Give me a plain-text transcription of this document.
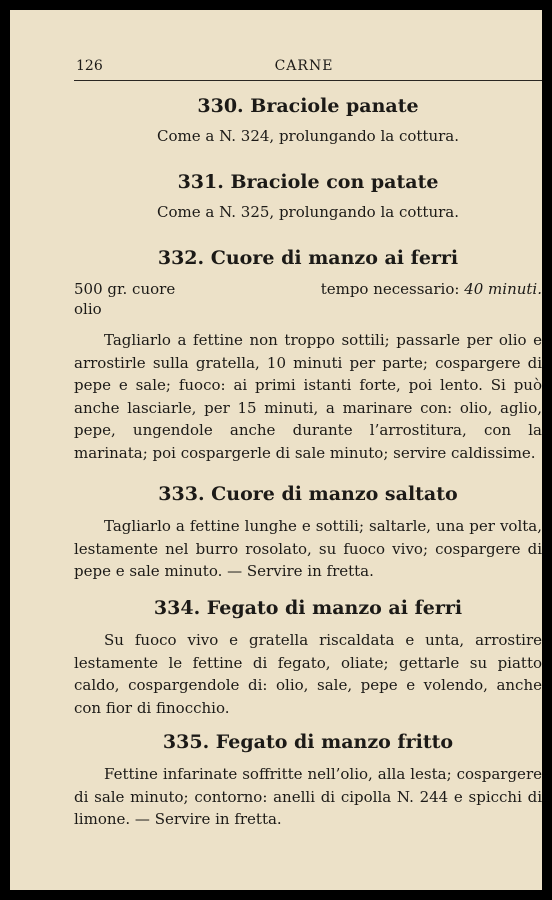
126	CARNE

330. Braciole panate

Come a N. 324, prolungando la cottura.

331. Braciole con patate

Come a N. 325, prolungando la cottura.

332. Cuore di manzo ai ferri

500 gr. cuore
olio
tempo necessario: 40 minuti.

Tagliarlo a fettine non troppo sottili; passarle per olio e arrostirle sulla gratella, 10 minuti per parte; cospargere di pepe e sale; fuoco: ai primi istanti forte, poi lento. Si può anche lasciarle, per 15 minuti, a marinare con: olio, aglio, pepe, ungendole anche durante l’arrostitura, con la marinata; poi cospargerle di sale minuto; servire caldissime.

333. Cuore di manzo saltato

Tagliarlo a fettine lunghe e sottili; saltarle, una per volta, lestamente nel burro rosolato, su fuoco vivo; cospargere di pepe e sale minuto. — Servire in fretta.

334. Fegato di manzo ai ferri

Su fuoco vivo e gratella riscaldata e unta, arrostire lestamente le fettine di fegato, oliate; gettarle su piatto caldo, cospargendole di: olio, sale, pepe e volendo, anche con fior di finocchio.

335. Fegato di manzo fritto

Fettine infarinate soffritte nell’olio, alla lesta; cospargere di sale minuto; contorno: anelli di cipolla N. 244 e spicchi di limone. — Servire in fretta.
